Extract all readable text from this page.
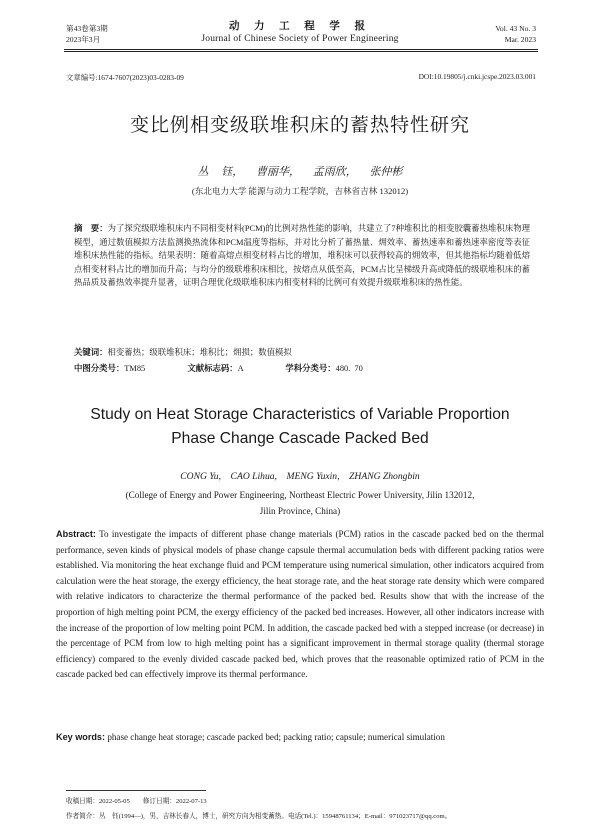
第43卷第3期
2023年3月
动 力 工 程 学 报
Journal of Chinese Society of Power Engineering
Vol. 43 No. 3
Mar. 2023
文章编号:1674-7607(2023)03-0283-09	DOI:10.19805/j.cnki.jcspe.2023.03.001
变比例相变级联堆积床的蓄热特性研究
丛 钰， 曹丽华， 孟雨欣， 张仲彬
(东北电力大学 能源与动力工程学院，吉林省吉林 132012)
摘　要：为了探究级联堆积床内不同相变材料(PCM)的比例对热性能的影响，共建立了7种堆积比的相变胶囊蓄热堆积床物理模型，通过数值模拟方法监测换热流体和PCM温度等指标，并对比分析了蓄热量、㶲效率、蓄热速率和蓄热速率密度等表征堆积床热性能的指标。结果表明：随着高熔点相变材料占比的增加，堆积床可以获得较高的㶲效率，但其他指标均随着低熔点相变材料占比的增加而升高；与均分的级联堆积床相比，按熔点从低至高，PCM占比呈梯级升高或降低的级联堆积床的蓄热品质及蓄热效率提升显著，证明合理优化级联堆积床内相变材料的比例可有效提升级联堆积床的热性能。
关键词：相变蓄热；级联堆积床；堆积比；㶲损；数值模拟
中图分类号：TM85	文献标志码：A	学科分类号：480. 70
Study on Heat Storage Characteristics of Variable Proportion
Phase Change Cascade Packed Bed
CONG Yu,　CAO Lihua,　MENG Yuxin,　ZHANG Zhongbin
(College of Energy and Power Engineering, Northeast Electric Power University, Jilin 132012,
Jilin Province, China)
Abstract: To investigate the impacts of different phase change materials (PCM) ratios in the cascade packed bed on the thermal performance, seven kinds of physical models of phase change capsule thermal accumulation beds with different packing ratios were established. Via monitoring the heat exchange fluid and PCM temperature using numerical simulation, other indicators acquired from calculation were the heat storage, the exergy efficiency, the heat storage rate, and the heat storage rate density which were compared with relative indicators to characterize the thermal performance of the packed bed. Results show that with the increase of the proportion of high melting point PCM, the exergy efficiency of the packed bed increases. However, all other indicators increase with the increase of the proportion of low melting point PCM. In addition, the cascade packed bed with a stepped increase (or decrease) in the percentage of PCM from low to high melting point has a significant improvement in thermal storage quality (thermal storage efficiency) compared to the evenly divided cascade packed bed, which proves that the reasonable optimized ratio of PCM in the cascade packed bed can effectively improve its thermal performance.
Key words: phase change heat storage; cascade packed bed; packing ratio; capsule; numerical simulation
收稿日期：2022-05-05　　修订日期：2022-07-13
作者简介：丛　钰(1994—)，男，吉林长春人，博士，研究方向为相变蓄热。电话(Tel.)：15948761134；E-mail：971023717@qq.com。
